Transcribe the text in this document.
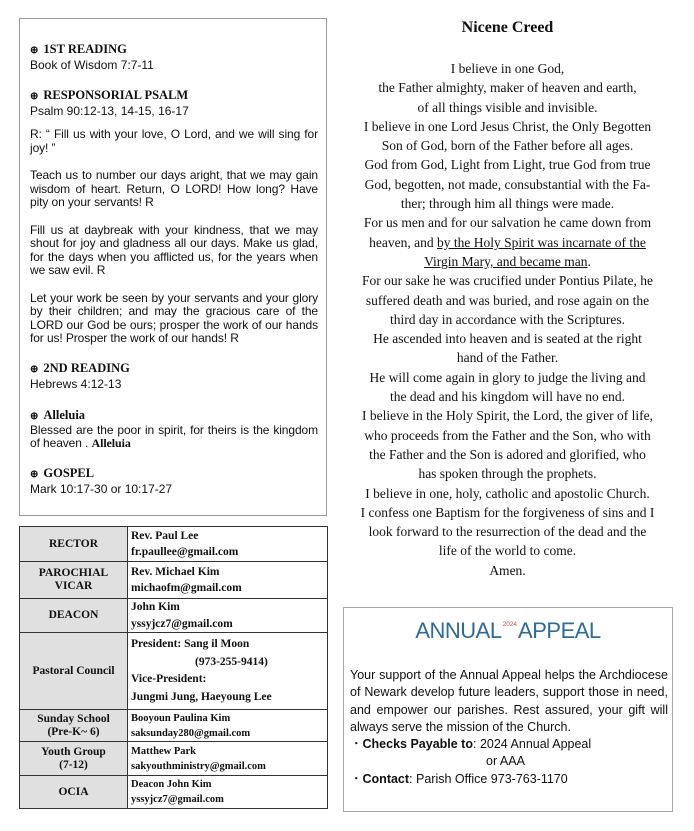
⊕ 1ST READING

Book of Wisdom 7:7-11

⊕ RESPONSORIAL PSALM

Psalm 90:12-13, 14-15, 16-17

R: “ Fill us with your love, O Lord, and we will sing for joy! ”

Teach us to number our days aright, that we may gain wisdom of heart. Return, O LORD! How long? Have pity on your servants! R

Fill us at daybreak with your kindness, that we may shout for joy and gladness all our days. Make us glad, for the days when you afflicted us, for the years when we saw evil. R

Let your work be seen by your servants and your glory by their children; and may the gracious care of the LORD our God be ours; prosper the work of our hands for us! Prosper the work of our hands! R

⊕ 2ND READING

Hebrews 4:12-13

⊕ Alleluia

Blessed are the poor in spirit, for theirs is the kingdom of heaven . Alleluia

⊕ GOSPEL

Mark 10:17-30 or 10:17-27

RECTOR	Rev. Paul Lee
fr.paullee@gmail.com
PAROCHIAL
VICAR	Rev. Michael Kim
michaofm@gmail.com
DEACON	John Kim
yssyjcz7@gmail.com
Pastoral Council	President: Sang il Moon

(973-255-9414)
Vice-President:
Jungmi Jung, Haeyoung Lee
Sunday School
(Pre-K~ 6)	Booyoun Paulina Kim
saksunday280@gmail.com
Youth Group
(7-12)	Matthew Park
sakyouthministry@gmail.com
OCIA	Deacon John Kim
yssyjcz7@gmail.com
Nicene Creed
I believe in one God,
the Father almighty, maker of heaven and earth,
of all things visible and invisible.
I believe in one Lord Jesus Christ, the Only Begotten
Son of God, born of the Father before all ages.
God from God, Light from Light, true God from true
God, begotten, not made, consubstantial with the Fa-
ther; through him all things were made.
For us men and for our salvation he came down from
heaven, and by the Holy Spirit was incarnate of the
Virgin Mary, and became man.
For our sake he was crucified under Pontius Pilate, he
suffered death and was buried, and rose again on the
third day in accordance with the Scriptures.
He ascended into heaven and is seated at the right
hand of the Father.
He will come again in glory to judge the living and
the dead and his kingdom will have no end.
I believe in the Holy Spirit, the Lord, the giver of life,
who proceeds from the Father and the Son, who with
the Father and the Son is adored and glorified, who
has spoken through the prophets.
I believe in one, holy, catholic and apostolic Church.
I confess one Baptism for the forgiveness of sins and I
look forward to the resurrection of the dead and the
life of the world to come.
Amen.
$ANNUAL^{2024}APPEAL$

Your support of the Annual Appeal helps the Archdiocese of Newark develop future leaders, support those in need, and empower our parishes. Rest assured, your gift will always serve the mission of the Church.

・Checks Payable to: 2024 Annual Appeal
or AAA
・Contact: Parish Office 973-763-1170
